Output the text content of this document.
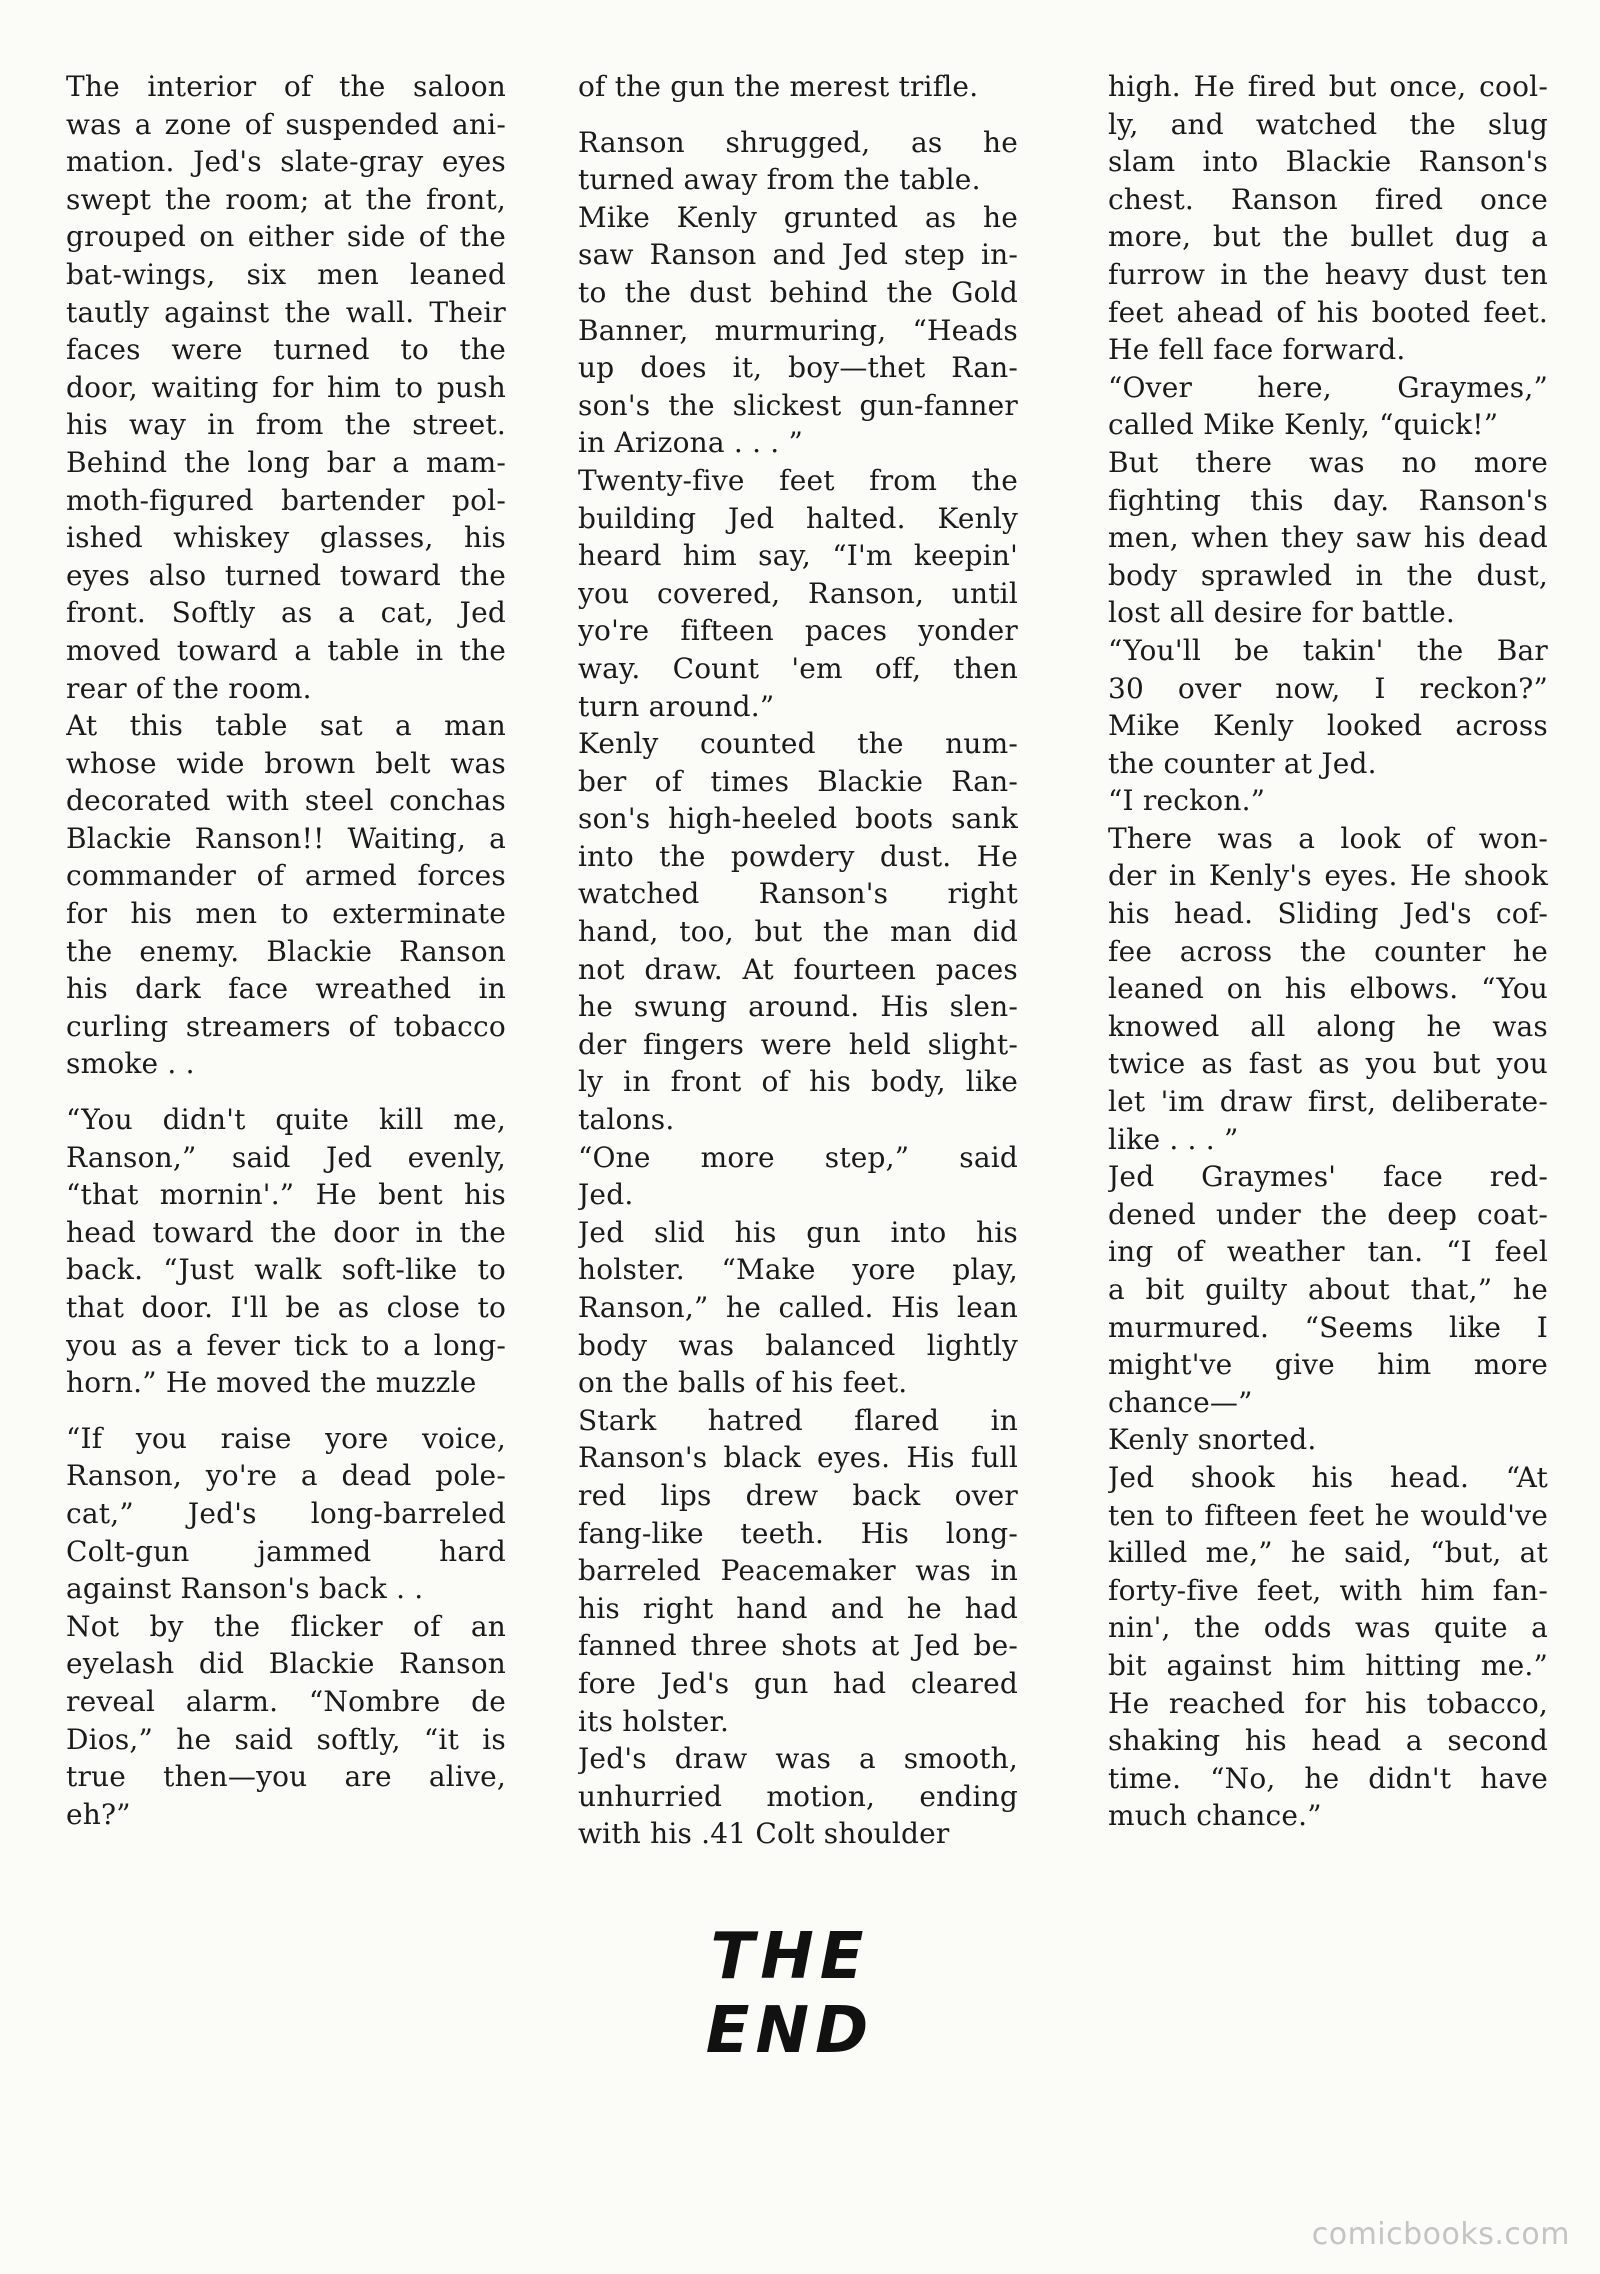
The interior of the saloon
was a zone of suspended ani-
mation. Jed's slate-gray eyes
swept the room; at the front,
grouped on either side of the
bat-wings, six men leaned
tautly against the wall. Their
faces were turned to the
door, waiting for him to push
his way in from the street.
Behind the long bar a mam-
moth-figured bartender pol-
ished whiskey glasses, his
eyes also turned toward the
front. Softly as a cat, Jed
moved toward a table in the
rear of the room.
At this table sat a man
whose wide brown belt was
decorated with steel conchas
Blackie Ranson!! Waiting, a
commander of armed forces
for his men to exterminate
the enemy. Blackie Ranson
his dark face wreathed in
curling streamers of tobacco
smoke . .
“You didn't quite kill me,
Ranson,” said Jed evenly,
“that mornin'.” He bent his
head toward the door in the
back. “Just walk soft-like to
that door. I'll be as close to
you as a fever tick to a long-
horn.” He moved the muzzle
“If you raise yore voice,
Ranson, yo're a dead pole-
cat,” Jed's long-barreled
Colt-gun jammed hard
against Ranson's back . .
Not by the flicker of an
eyelash did Blackie Ranson
reveal alarm. “Nombre de
Dios,” he said softly, “it is
true then—you are alive,
eh?”
of the gun the merest trifle.
Ranson shrugged, as he
turned away from the table.
Mike Kenly grunted as he
saw Ranson and Jed step in-
to the dust behind the Gold
Banner, murmuring, “Heads
up does it, boy—thet Ran-
son's the slickest gun-fanner
in Arizona . . . ”
Twenty-five feet from the
building Jed halted. Kenly
heard him say, “I'm keepin'
you covered, Ranson, until
yo're fifteen paces yonder
way. Count 'em off, then
turn around.”
Kenly counted the num-
ber of times Blackie Ran-
son's high-heeled boots sank
into the powdery dust. He
watched Ranson's right
hand, too, but the man did
not draw. At fourteen paces
he swung around. His slen-
der fingers were held slight-
ly in front of his body, like
talons.
“One more step,” said
Jed.
Jed slid his gun into his
holster. “Make yore play,
Ranson,” he called. His lean
body was balanced lightly
on the balls of his feet.
Stark hatred flared in
Ranson's black eyes. His full
red lips drew back over
fang-like teeth. His long-
barreled Peacemaker was in
his right hand and he had
fanned three shots at Jed be-
fore Jed's gun had cleared
its holster.
Jed's draw was a smooth,
unhurried motion, ending
with his .41 Colt shoulder
high. He fired but once, cool-
ly, and watched the slug
slam into Blackie Ranson's
chest. Ranson fired once
more, but the bullet dug a
furrow in the heavy dust ten
feet ahead of his booted feet.
He fell face forward.
“Over here, Graymes,”
called Mike Kenly, “quick!”
But there was no more
fighting this day. Ranson's
men, when they saw his dead
body sprawled in the dust,
lost all desire for battle.
“You'll be takin' the Bar
30 over now, I reckon?”
Mike Kenly looked across
the counter at Jed.
“I reckon.”
There was a look of won-
der in Kenly's eyes. He shook
his head. Sliding Jed's cof-
fee across the counter he
leaned on his elbows. “You
knowed all along he was
twice as fast as you but you
let 'im draw first, deliberate-
like . . . ”
Jed Graymes' face red-
dened under the deep coat-
ing of weather tan. “I feel
a bit guilty about that,” he
murmured. “Seems like I
might've give him more
chance—”
Kenly snorted.
Jed shook his head. “At
ten to fifteen feet he would've
killed me,” he said, “but, at
forty-five feet, with him fan-
nin', the odds was quite a
bit against him hitting me.”
He reached for his tobacco,
shaking his head a second
time. “No, he didn't have
much chance.”
THE END
comicbooks.com
